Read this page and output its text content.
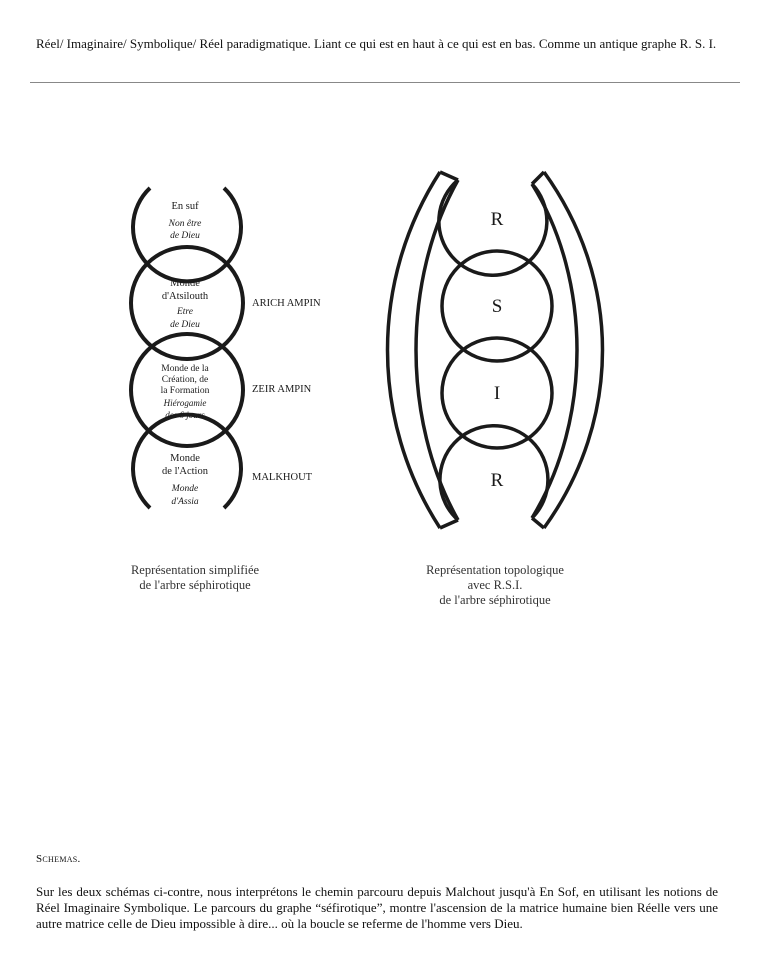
Réel/ Imaginaire/ Symbolique/ Réel paradigmatique. Liant ce qui est en haut à ce qui est en bas. Comme un antique graphe R. S. I.

En suf
Non être
de Dieu
Monde
d'Atsilouth
Etre
de Dieu
Monde de la
Création, de
la Formation
Hiérogamie
des 6 jours
Monde
de l'Action
Monde
d'Assia
ARICH AMPIN
ZEIR AMPIN
MALKHOUT
R
S
I
R
Représentation simplifiée
de l'arbre séphirotique
Représentation topologique
avec R.S.I.
de l'arbre séphirotique

Schemas.

Sur les deux schémas ci-contre, nous interprétons le chemin parcouru depuis Malchout jusqu'à En Sof, en utilisant les notions de Réel Imaginaire Symbolique. Le parcours du graphe “séfirotique”, montre l'ascension de la matrice humaine bien Réelle vers une autre matrice celle de Dieu impossible à dire... où la boucle se referme de l'homme vers Dieu.
